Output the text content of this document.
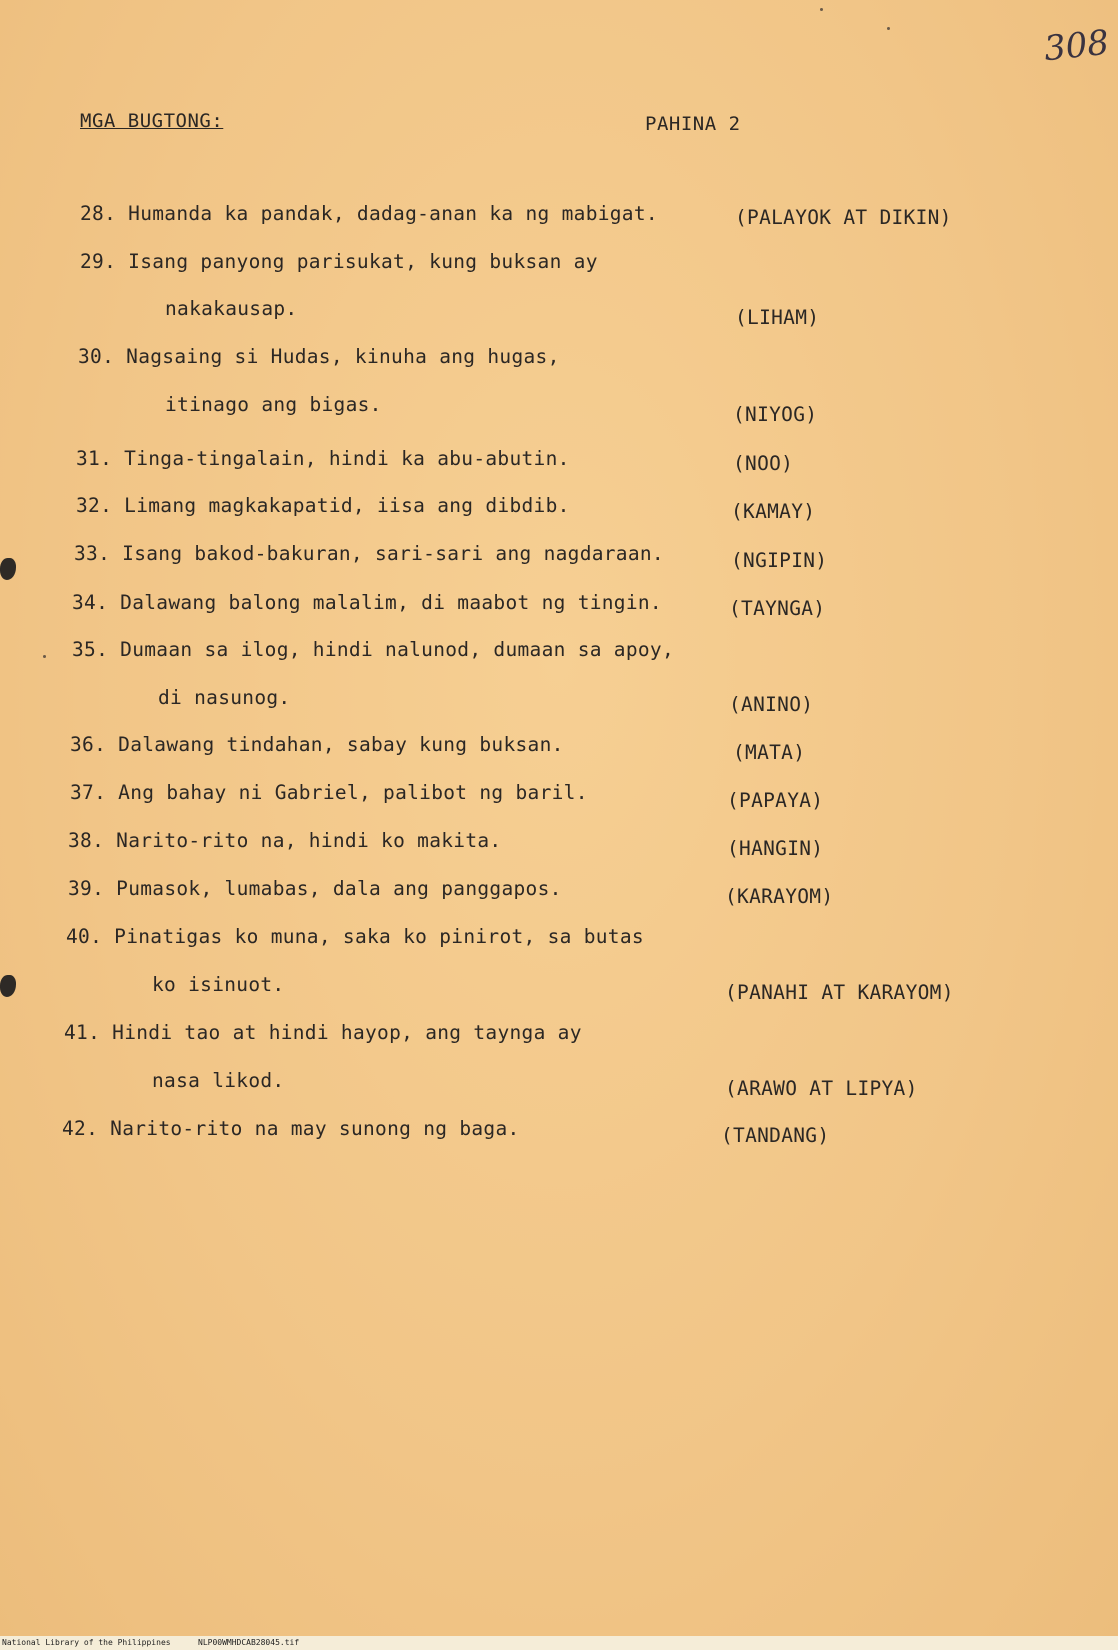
308
MGA BUGTONG:	PAHINA 2
28. Humanda ka pandak, dadag-anan ka ng mabigat.	(PALAYOK AT DIKIN)
29. Isang panyong parisukat, kung buksan ay
nakakausap.	(LIHAM)
30. Nagsaing si Hudas, kinuha ang hugas,
itinago ang bigas.	(NIYOG)
31. Tinga-tingalain, hindi ka abu-abutin.	(NOO)
32. Limang magkakapatid, iisa ang dibdib.	(KAMAY)
33. Isang bakod-bakuran, sari-sari ang nagdaraan.	(NGIPIN)
34. Dalawang balong malalim, di maabot ng tingin.	(TAYNGA)
35. Dumaan sa ilog, hindi nalunod, dumaan sa apoy,
di nasunog.	(ANINO)
36. Dalawang tindahan, sabay kung buksan.	(MATA)
37. Ang bahay ni Gabriel, palibot ng baril.	(PAPAYA)
38. Narito-rito na, hindi ko makita.	(HANGIN)
39. Pumasok, lumabas, dala ang panggapos.	(KARAYOM)
40. Pinatigas ko muna, saka ko pinirot, sa butas
ko isinuot.	(PANAHI AT KARAYOM)
41. Hindi tao at hindi hayop, ang taynga ay
nasa likod.	(ARAWO AT LIPYA)
42. Narito-rito na may sunong ng baga.	(TANDANG)
National Library of the Philippines	NLP00WMHDCAB28045.tif
